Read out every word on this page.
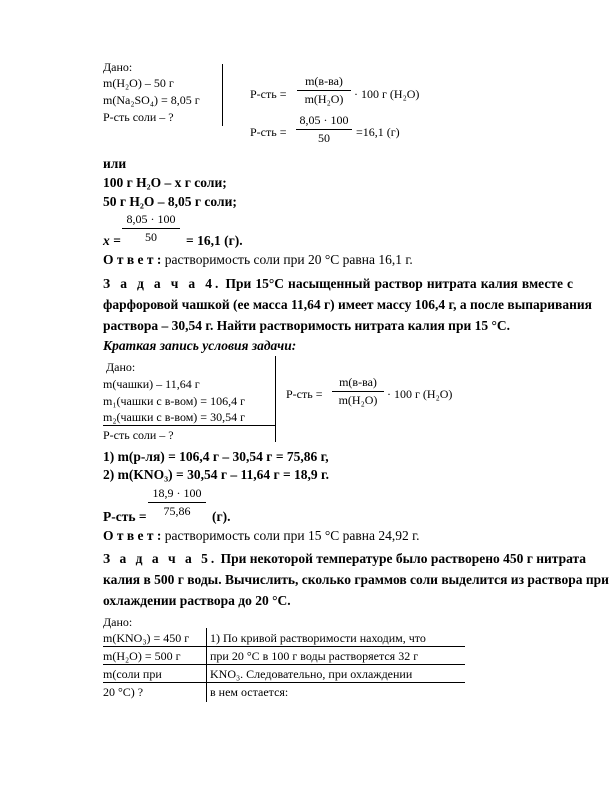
Дано:
m(H₂O) – 50 г
m(Na₂SO₄) = 8,05 г
Р-сть соли – ?
Р-сть =
m(в-ва)
m(H₂O) · 100 г (H₂O)
$Р-сть = \frac{8,05 \cdot 100}{50} =16,1$ (г)
или
100 г H₂O – x г соли;
50 г H₂O – 8,05 г соли;
$x = \frac{8,05 \cdot 100}{50} = 16,1$ (г).
О т в е т : растворимость соли при 20 °С равна 16,1 г.
З а д а ч а 4. При 15°С насыщенный раствор нитрата калия вместе с
фарфоровой чашкой (ее масса 11,64 г) имеет массу 106,4 г, а после выпаривания
раствора – 30,54 г. Найти растворимость нитрата калия при 15 °С.
Краткая запись условия задачи:
Дано:
m(чашки) – 11,64 г
m₁(чашки с в-вом) = 106,4 г
m₂(чашки с в-вом) = 30,54 г
Р-сть соли – ?
Р-сть =
m(в-ва)
m(H₂O) · 100 г (H₂O)
1) m(р-ля) = 106,4 г – 30,54 г = 75,86 г,
2) m(KNO₃) = 30,54 г – 11,64 г = 18,9 г.
$Р-сть = \frac{18,9 \cdot 100}{75,86} (г)$.
О т в е т : растворимость соли при 15 °С равна 24,92 г.
З а д а ч а 5. При некоторой температуре было растворено 450 г нитрата
калия в 500 г воды. Вычислить, сколько граммов соли выделится из раствора при
охлаждении раствора до 20 °С.
Дано:
m(KNO₃) = 450 г
m(H₂O) = 500 г
m(соли при
20 °С) ?
1) По кривой растворимости находим, что
при 20 °С в 100 г воды растворяется 32 г
KNO₃. Следовательно, при охлаждении
в нем остается:
